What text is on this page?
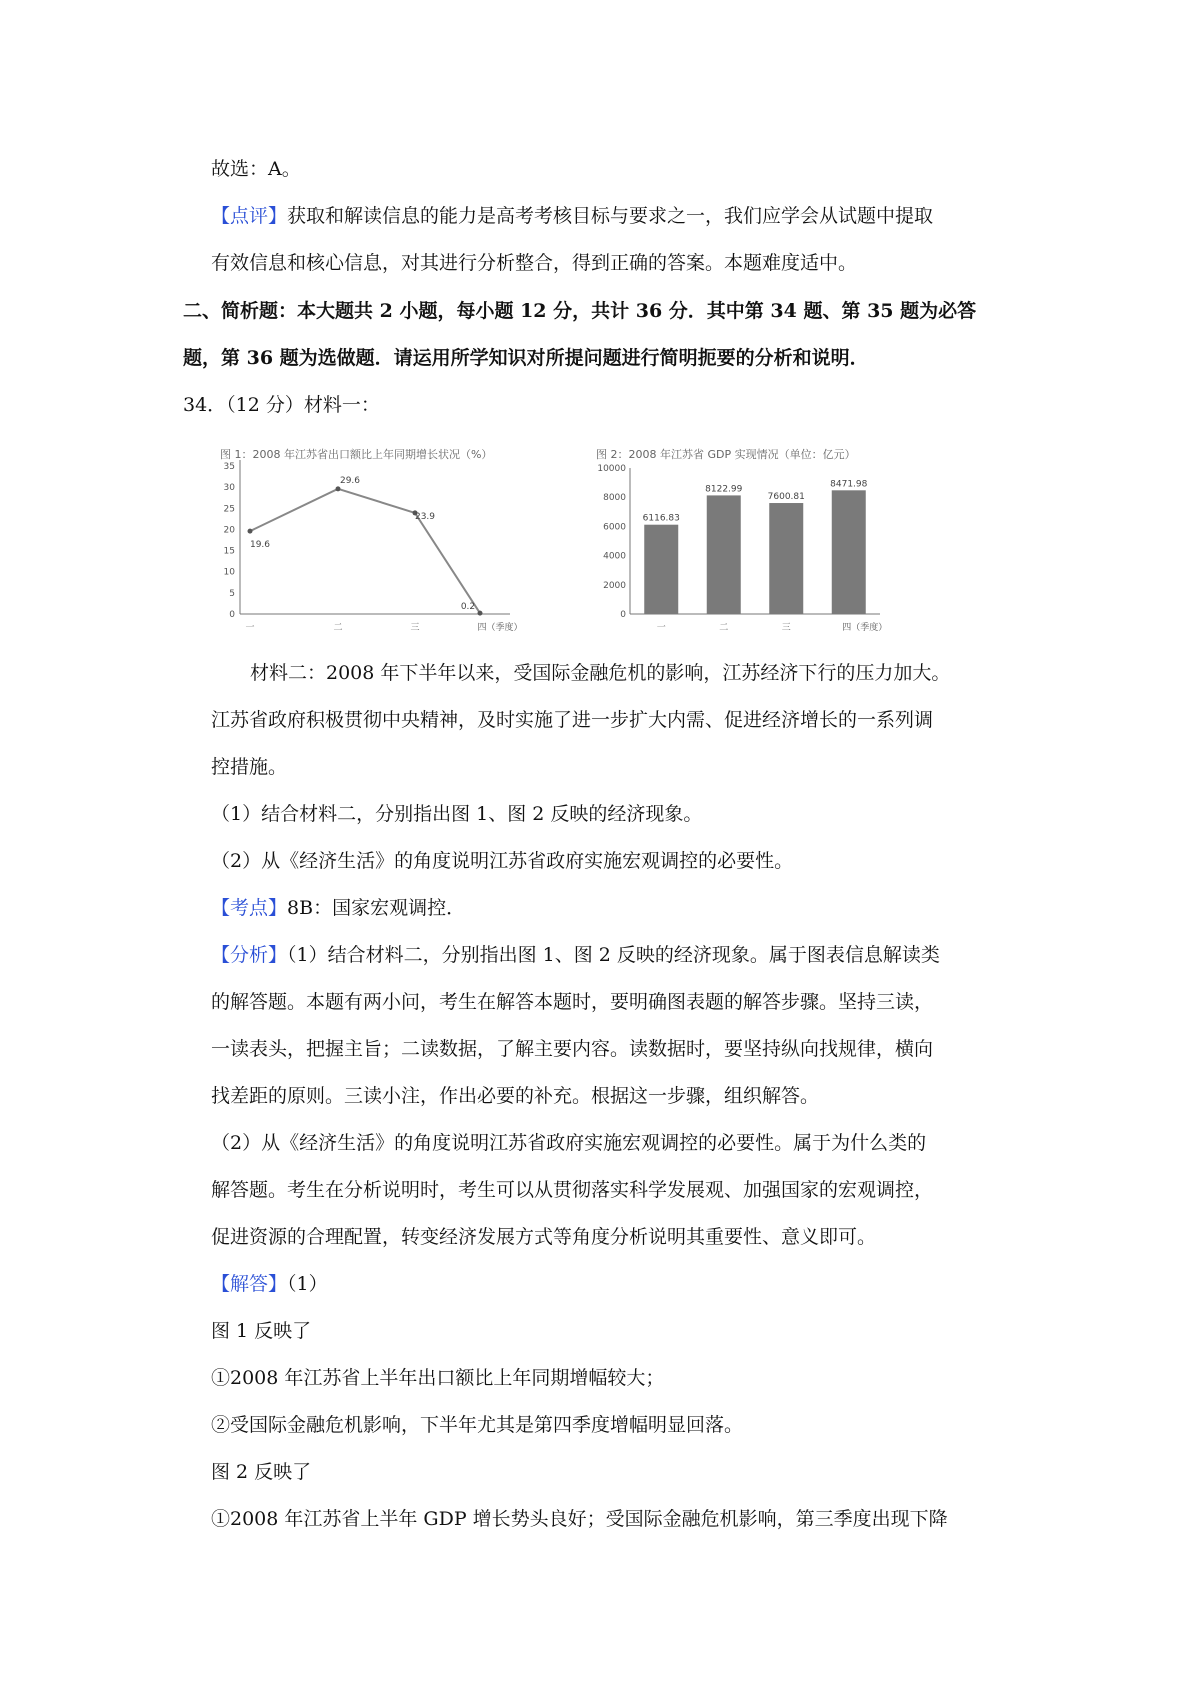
故选：A。
【点评】获取和解读信息的能力是高考考核目标与要求之一，我们应学会从试题中提取
有效信息和核心信息，对其进行分析整合，得到正确的答案。本题难度适中。
二、简析题：本大题共 2 小题，每小题 12 分，共计 36 分．其中第 34 题、第 35 题为必答
题，第 36 题为选做题．请运用所学知识对所提问题进行简明扼要的分析和说明．
34．（12 分）材料一：
图 1：2008 年江苏省出口额比上年同期增长状况（%）
0
5
10
15
20
25
30
35
一	二	三	四（季度）
19.6
29.6
23.9
0.2
图 2：2008 年江苏省 GDP 实现情况（单位：亿元）
0
2000
4000
6000
8000
10000
一	二	三	四（季度）
6116.83
8122.99
7600.81
8471.98
材料二：2008 年下半年以来，受国际金融危机的影响，江苏经济下行的压力加大。
江苏省政府积极贯彻中央精神，及时实施了进一步扩大内需、促进经济增长的一系列调
控措施。
（1）结合材料二，分别指出图 1、图 2 反映的经济现象。
（2）从《经济生活》的角度说明江苏省政府实施宏观调控的必要性。
【考点】8B：国家宏观调控．
【分析】（1）结合材料二，分别指出图 1、图 2 反映的经济现象。属于图表信息解读类
的解答题。本题有两小问，考生在解答本题时，要明确图表题的解答步骤。坚持三读，
一读表头，把握主旨；二读数据，了解主要内容。读数据时，要坚持纵向找规律，横向
找差距的原则。三读小注，作出必要的补充。根据这一步骤，组织解答。
（2）从《经济生活》的角度说明江苏省政府实施宏观调控的必要性。属于为什么类的
解答题。考生在分析说明时，考生可以从贯彻落实科学发展观、加强国家的宏观调控，
促进资源的合理配置，转变经济发展方式等角度分析说明其重要性、意义即可。
【解答】（1）
图 1 反映了
①2008 年江苏省上半年出口额比上年同期增幅较大；
②受国际金融危机影响，下半年尤其是第四季度增幅明显回落。
图 2 反映了
①2008 年江苏省上半年 GDP 增长势头良好；受国际金融危机影响，第三季度出现下降
